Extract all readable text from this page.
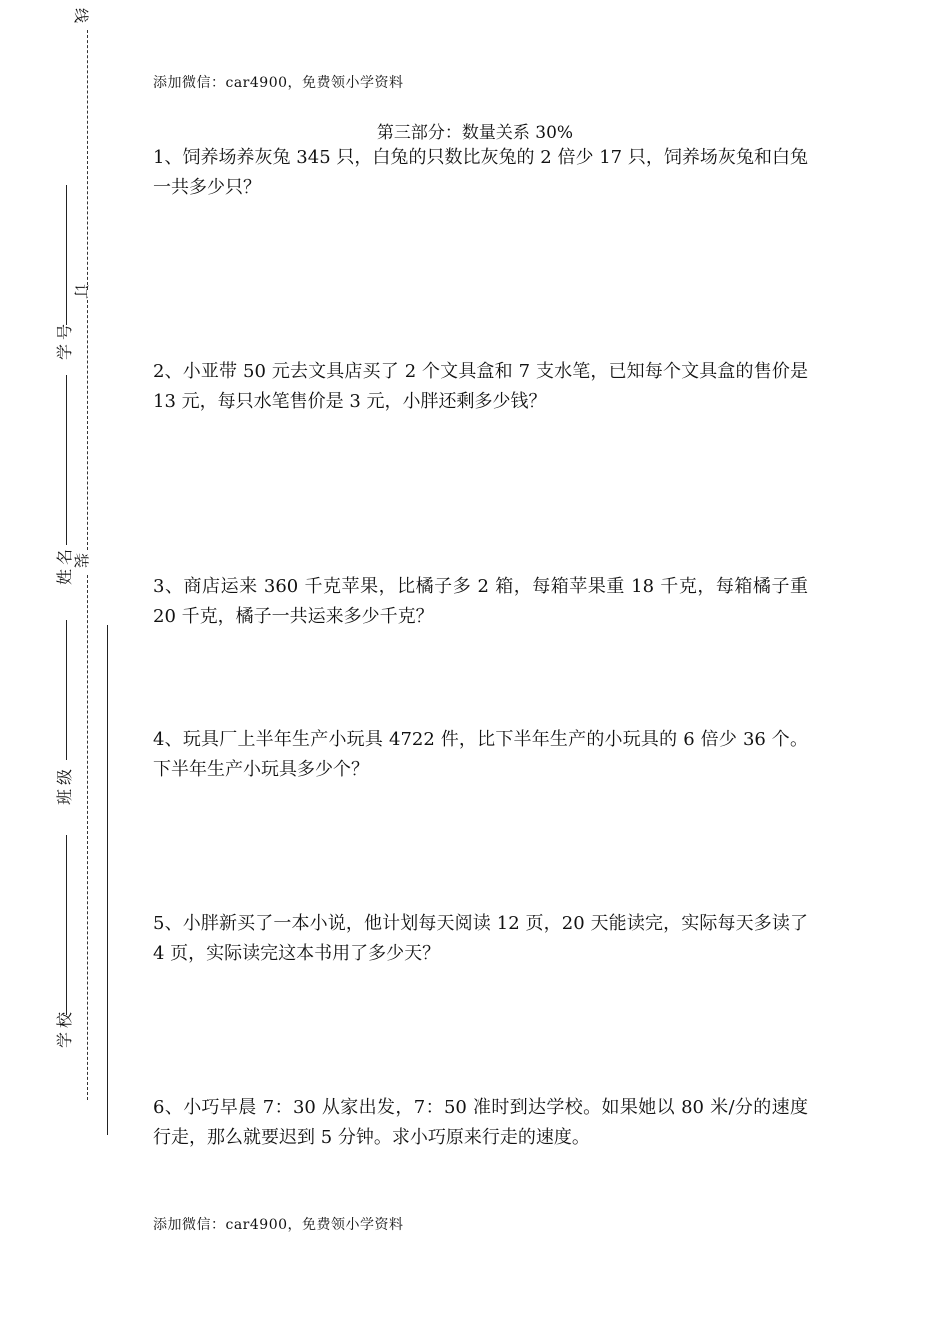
线
订
装
学号
姓名
班级
学校
添加微信：car4900，免费领小学资料
第三部分：数量关系 30%
1、饲养场养灰兔 345 只，白兔的只数比灰兔的 2 倍少 17 只，饲养场灰兔和白兔一共多少只？
2、小亚带 50 元去文具店买了 2 个文具盒和 7 支水笔，已知每个文具盒的售价是 13 元，每只水笔售价是 3 元，小胖还剩多少钱？
3、商店运来 360 千克苹果，比橘子多 2 箱，每箱苹果重 18 千克，每箱橘子重 20 千克，橘子一共运来多少千克？
4、玩具厂上半年生产小玩具 4722 件，比下半年生产的小玩具的 6 倍少 36 个。下半年生产小玩具多少个？
5、小胖新买了一本小说，他计划每天阅读 12 页，20 天能读完，实际每天多读了 4 页，实际读完这本书用了多少天？
6、小巧早晨 7：30 从家出发，7：50 准时到达学校。如果她以 80 米/分的速度行走，那么就要迟到 5 分钟。求小巧原来行走的速度。
添加微信：car4900，免费领小学资料
